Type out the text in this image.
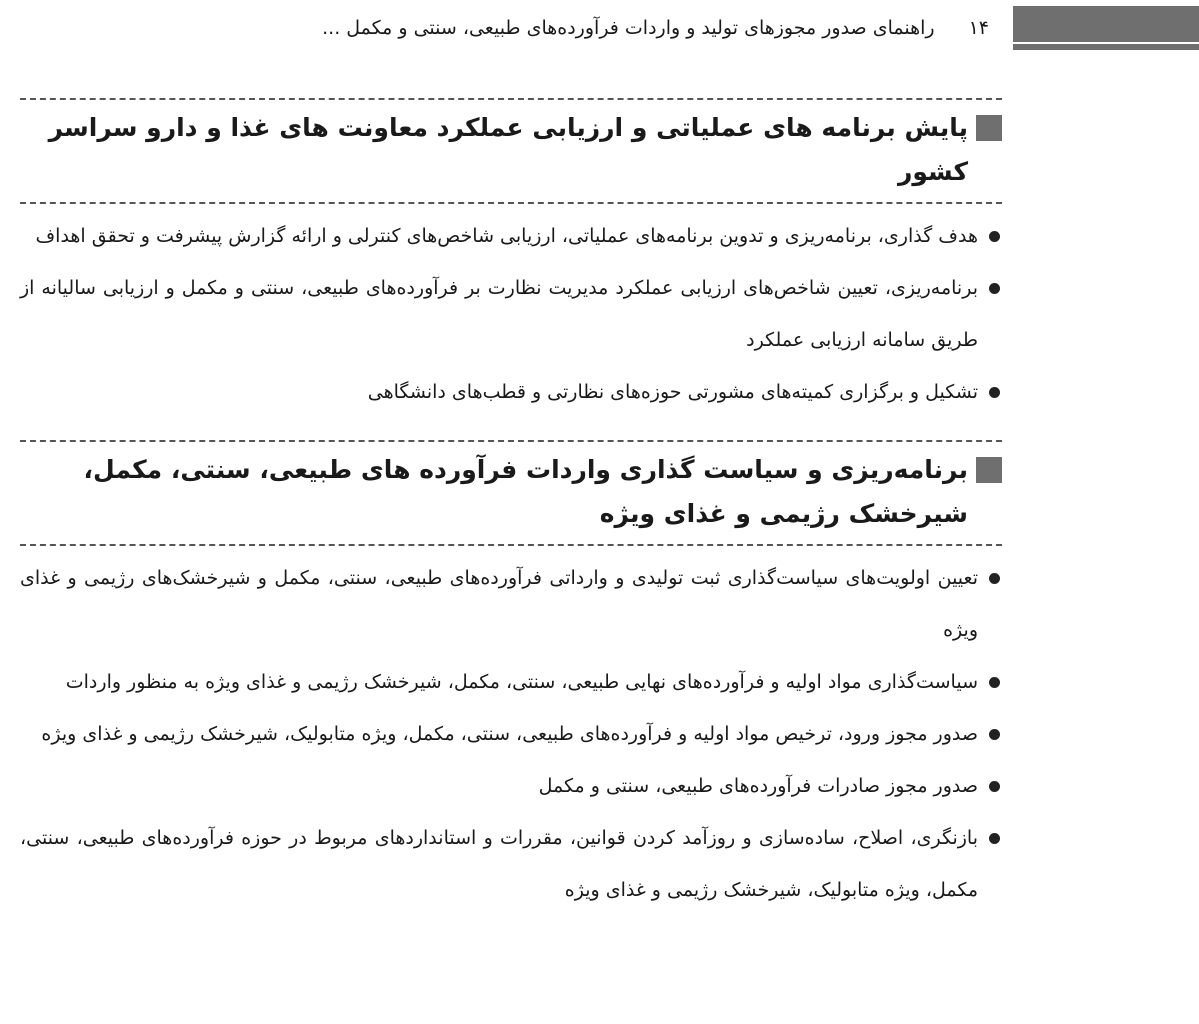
۱۴
راهنمای صدور مجوزهای تولید و واردات فرآورده‌های طبیعی، سنتی و مکمل ...
پایش برنامه‌ های عملیاتی و ارزیابی عملکرد معاونت‌ های غذا و دارو سراسر کشور
هدف گذاری، برنامه‌ریزی و تدوین برنامه‌های عملیاتی، ارزیابی شاخص‌های کنترلی و ارائه گزارش پیشرفت و تحقق اهداف
برنامه‌ریزی، تعیین شاخص‌های ارزیابی عملکرد مدیریت نظارت بر فرآورده‌های طبیعی، سنتی و مکمل و ارزیابی سالیانه از طریق سامانه ارزیابی عملکرد
تشکیل و برگزاری کمیته‌های مشورتی حوزه‌های نظارتی و قطب‌های دانشگاهی
برنامه‌ریزی و سیاست‌ گذاری واردات فرآورده‌ های طبیعی، سنتی، مکمل، شیرخشک رژیمی و غذای ویژه
تعیین اولویت‌های سیاست‌گذاری ثبت تولیدی و وارداتی فرآورده‌های طبیعی، سنتی، مکمل و شیرخشک‌های رژیمی و غذای ویژه
سیاست‌گذاری مواد اولیه و فرآورده‌های نهایی طبیعی، سنتی، مکمل، شیرخشک رژیمی و غذای ویژه به منظور واردات
صدور مجوز ورود، ترخیص مواد اولیه و فرآورده‌های طبیعی، سنتی، مکمل، ویژه متابولیک، شیرخشک رژیمی و غذای ویژه
صدور مجوز صادرات فرآورده‌های طبیعی، سنتی و مکمل
بازنگری، اصلاح، ساده‌سازی و روزآمد کردن قوانین، مقررات و استانداردهای مربوط در حوزه فرآورده‌های طبیعی، سنتی، مکمل، ویژه متابولیک، شیرخشک رژیمی و غذای ویژه
